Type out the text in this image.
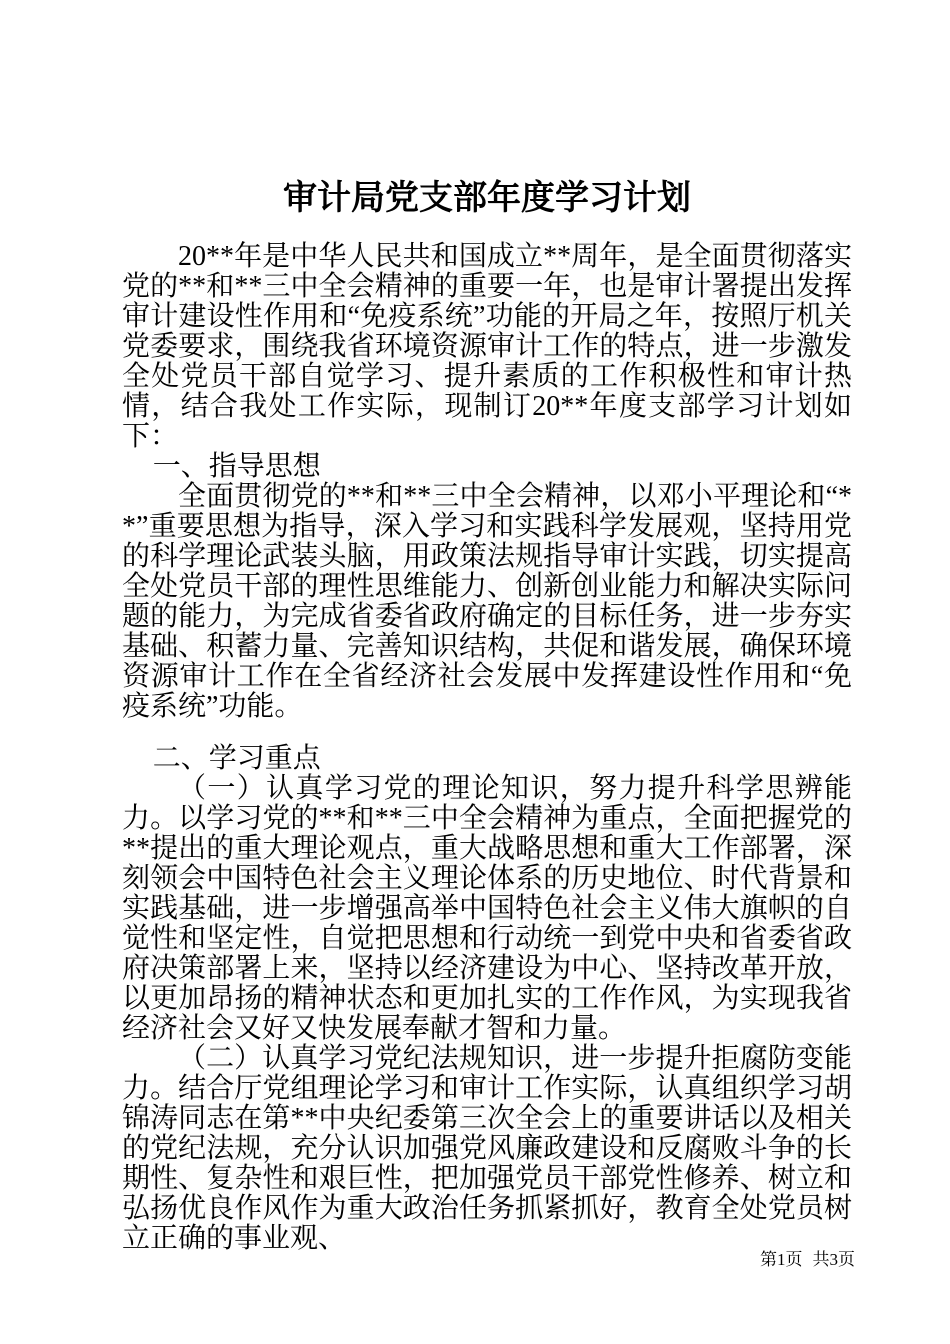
审计局党支部年度学习计划

20**年是中华人民共和国成立**周年，是全面贯彻落实党的**和**三中全会精神的重要一年，也是审计署提出发挥审计建设性作用和“免疫系统”功能的开局之年，按照厅机关党委要求，围绕我省环境资源审计工作的特点，进一步激发全处党员干部自觉学习、提升素质的工作积极性和审计热情，结合我处工作实际，现制订20**年度支部学习计划如下：

一、指导思想

全面贯彻党的**和**三中全会精神，以邓小平理论和“**”重要思想为指导，深入学习和实践科学发展观，坚持用党的科学理论武装头脑，用政策法规指导审计实践，切实提高全处党员干部的理性思维能力、创新创业能力和解决实际问题的能力，为完成省委省政府确定的目标任务，进一步夯实基础、积蓄力量、完善知识结构，共促和谐发展，确保环境资源审计工作在全省经济社会发展中发挥建设性作用和“免疫系统”功能。

二、学习重点

（一）认真学习党的理论知识，努力提升科学思辨能力。以学习党的**和**三中全会精神为重点，全面把握党的**提出的重大理论观点，重大战略思想和重大工作部署，深刻领会中国特色社会主义理论体系的历史地位、时代背景和实践基础，进一步增强高举中国特色社会主义伟大旗帜的自觉性和坚定性，自觉把思想和行动统一到党中央和省委省政府决策部署上来，坚持以经济建设为中心、坚持改革开放，以更加昂扬的精神状态和更加扎实的工作作风，为实现我省经济社会又好又快发展奉献才智和力量。

（二）认真学习党纪法规知识，进一步提升拒腐防变能力。结合厅党组理论学习和审计工作实际，认真组织学习胡锦涛同志在第**中央纪委第三次全会上的重要讲话以及相关的党纪法规，充分认识加强党风廉政建设和反腐败斗争的长期性、复杂性和艰巨性，把加强党员干部党性修养、树立和弘扬优良作风作为重大政治任务抓紧抓好，教育全处党员树立正确的事业观、

第1页 共3页
